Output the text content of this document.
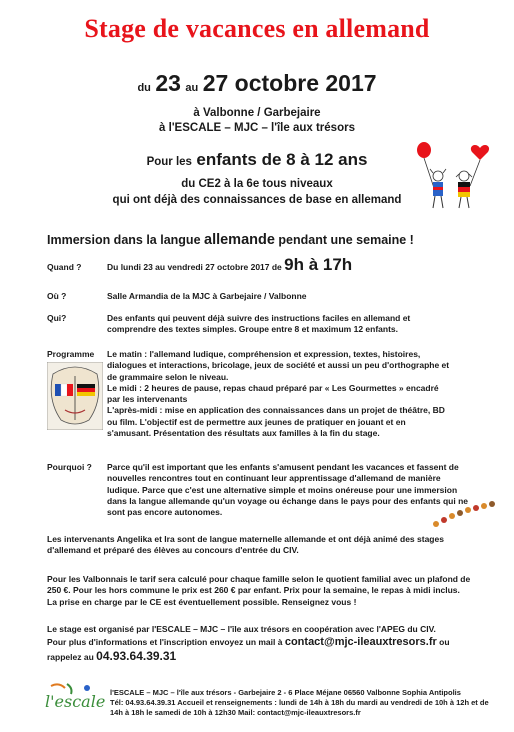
Stage de vacances en allemand
du 23 au 27 octobre 2017
à Valbonne / Garbejaire
à l'ESCALE – MJC – l'île aux trésors
Pour les enfants de 8 à 12 ans
du CE2 à la 6e tous niveaux
qui ont déjà des connaissances de base en allemand
Immersion dans la langue allemande pendant une semaine !
Quand ?	Du lundi 23 au vendredi 27 octobre 2017 de 9h à 17h
Où ?	Salle Armandia de la MJC à Garbejaire / Valbonne
Qui?	Des enfants qui peuvent déjà suivre des instructions faciles en allemand et comprendre des textes simples. Groupe entre 8 et maximum 12 enfants.
Programme Le matin : l'allemand ludique, compréhension et expression, textes, histoires, dialogues et interactions, bricolage, jeux de société et aussi un peu d'orthographe et de grammaire selon le niveau.

Le midi : 2 heures de pause, repas chaud préparé par « Les Gourmettes » encadré par les intervenants

L'après-midi : mise en application des connaissances dans un projet de théâtre, BD ou film. L'objectif est de permettre aux jeunes de pratiquer en jouant et en s'amusant. Présentation des résultats aux familles à la fin du stage.

Pourquoi ? Parce qu'il est important que les enfants s'amusent pendant les vacances et fassent de nouvelles rencontres tout en continuant leur apprentissage d'allemand de manière ludique. Parce que c'est une alternative simple et moins onéreuse pour une immersion dans la langue allemande qu'un voyage ou échange dans le pays pour des enfants qui ne sont pas encore autonomes.
Les intervenants Angelika et Ira sont de langue maternelle allemande et ont déjà animé des stages d'allemand et préparé des élèves au concours d'entrée du CIV.
Pour les Valbonnais le tarif sera calculé pour chaque famille selon le quotient familial avec un plafond de 250 €. Pour les hors commune le prix est 260 € par enfant. Prix pour la semaine, le repas à midi inclus. La prise en charge par le CE est éventuellement possible. Renseignez vous !
Le stage est organisé par l'ESCALE – MJC – l'île aux trésors en coopération avec l'APEG du CIV.
Pour plus d'informations et l'inscription envoyez un mail à contact@mjc-ileauxtresors.fr ou
rappelez au 04.93.64.39.31
l'escale l'ESCALE – MJC – l'île aux trésors - Garbejaire 2 - 6 Place Méjane 06560 Valbonne Sophia Antipolis

Tél: 04.93.64.39.31 Accueil et renseignements : lundi de 14h à 18h du mardi au vendredi de 10h à 12h et de 14h à 18h le samedi de 10h à 12h30 Mail: contact@mjc-ileauxtresors.fr
